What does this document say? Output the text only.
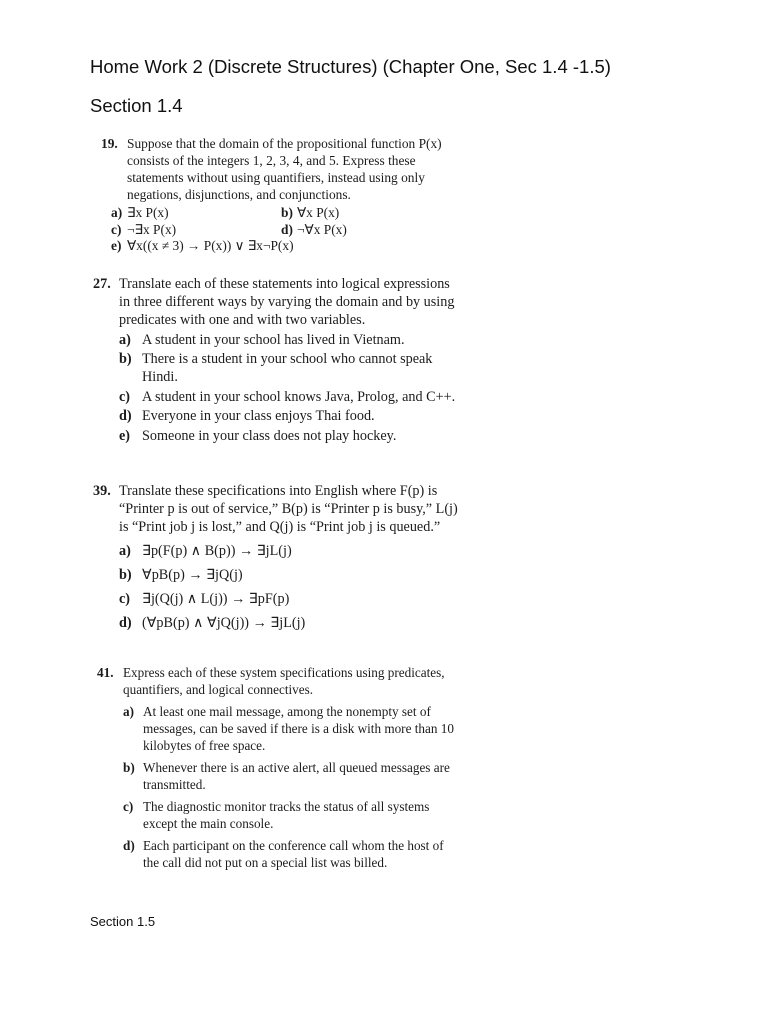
Home Work 2 (Discrete Structures) (Chapter One, Sec 1.4 -1.5)
Section 1.4
19. Suppose that the domain of the propositional function P(x) consists of the integers 1, 2, 3, 4, and 5. Express these statements without using quantifiers, instead using only negations, disjunctions, and conjunctions.
a) ∃x P(x)	b) ∀x P(x)
c) ¬∃x P(x)	d) ¬∀x P(x)
e) ∀x((x ≠ 3) → P(x)) ∨ ∃x¬P(x)
27. Translate each of these statements into logical expressions in three different ways by varying the domain and by using predicates with one and with two variables.
a) A student in your school has lived in Vietnam.
b) There is a student in your school who cannot speak Hindi.
c) A student in your school knows Java, Prolog, and C++.
d) Everyone in your class enjoys Thai food.
e) Someone in your class does not play hockey.
39. Translate these specifications into English where F(p) is “Printer p is out of service,” B(p) is “Printer p is busy,” L(j) is “Print job j is lost,” and Q(j) is “Print job j is queued.”
a) ∃p(F(p) ∧ B(p)) → ∃jL(j)
b) ∀pB(p) → ∃jQ(j)
c) ∃j(Q(j) ∧ L(j)) → ∃pF(p)
d) (∀pB(p) ∧ ∀jQ(j)) → ∃jL(j)
41. Express each of these system specifications using predicates, quantifiers, and logical connectives.
a) At least one mail message, among the nonempty set of messages, can be saved if there is a disk with more than 10 kilobytes of free space.
b) Whenever there is an active alert, all queued messages are transmitted.
c) The diagnostic monitor tracks the status of all systems except the main console.
d) Each participant on the conference call whom the host of the call did not put on a special list was billed.
Section 1.5
